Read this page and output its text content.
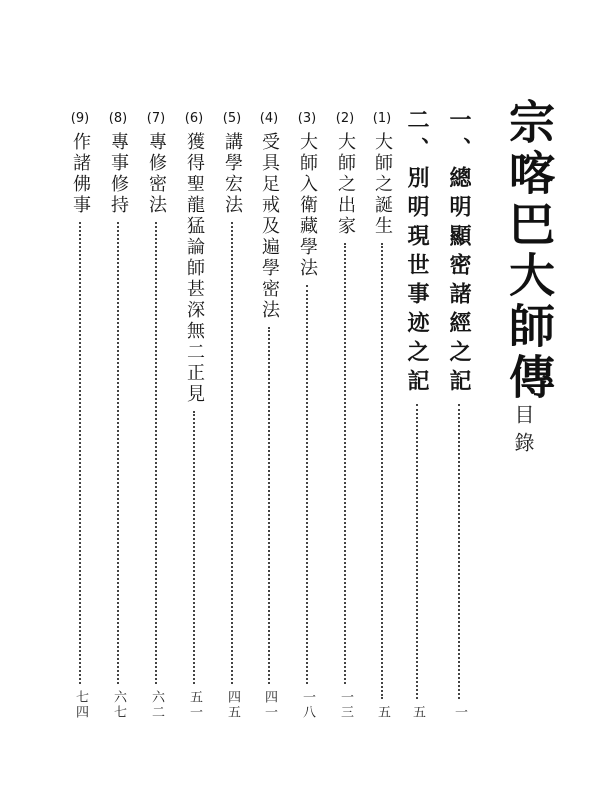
宗喀巴大師傳
目錄
一、總明顯密諸經之記
一
二、別明現世事迹之記
五
(1)大師之誕生
五
(2)大師之出家
一三
(3)大師入衛藏學法
一八
(4)受具足戒及遍學密法
四一
(5)講學宏法
四五
(6)獲得聖龍猛論師甚深無二正見
五一
(7)專修密法
六二
(8)專事修持
六七
(9)作諸佛事
七四
